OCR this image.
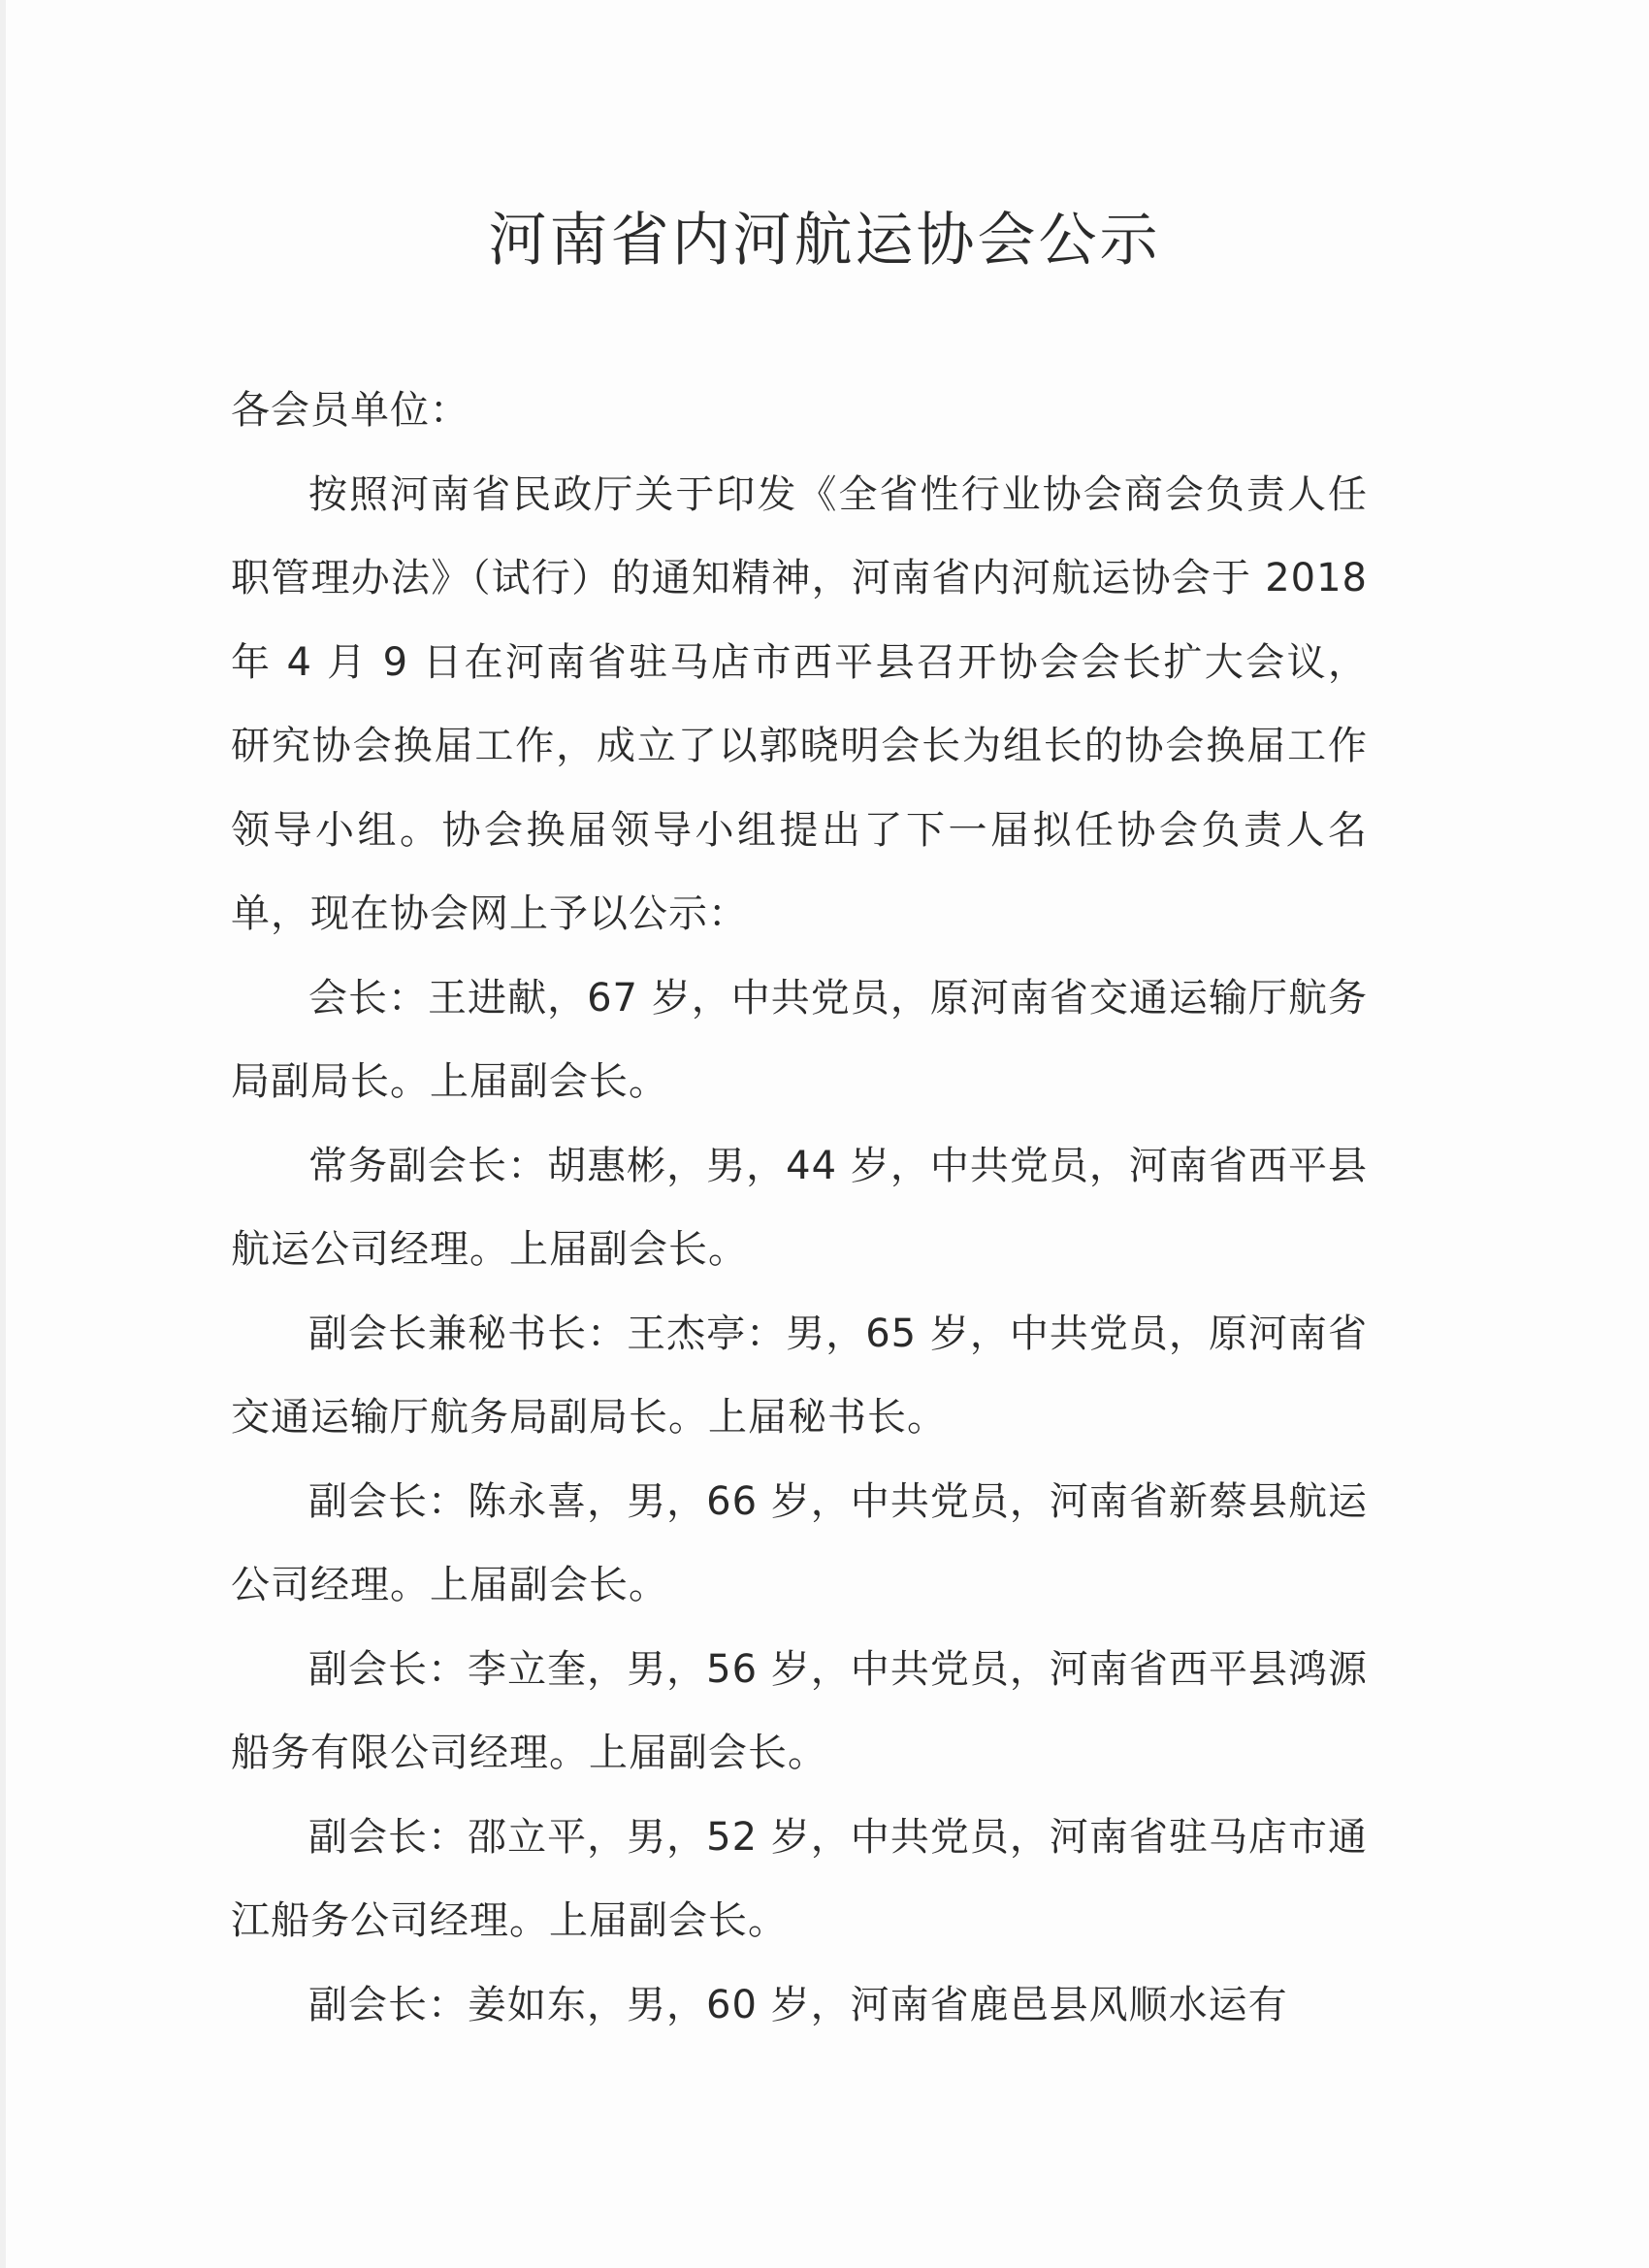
河南省内河航运协会公示

各会员单位：

按照河南省民政厅关于印发《全省性行业协会商会负责人任职管理办法》（试行）的通知精神，河南省内河航运协会于 2018 年 4 月 9 日在河南省驻马店市西平县召开协会会长扩大会议，研究协会换届工作，成立了以郭晓明会长为组长的协会换届工作领导小组。协会换届领导小组提出了下一届拟任协会负责人名单，现在协会网上予以公示：

会长：王进献，67 岁，中共党员，原河南省交通运输厅航务局副局长。上届副会长。

常务副会长：胡惠彬，男，44 岁，中共党员，河南省西平县航运公司经理。上届副会长。

副会长兼秘书长：王杰亭：男，65 岁，中共党员，原河南省交通运输厅航务局副局长。上届秘书长。

副会长：陈永喜，男，66 岁，中共党员，河南省新蔡县航运公司经理。上届副会长。

副会长：李立奎，男，56 岁，中共党员，河南省西平县鸿源船务有限公司经理。上届副会长。

副会长：邵立平，男，52 岁，中共党员，河南省驻马店市通江船务公司经理。上届副会长。

副会长：姜如东，男，60 岁，河南省鹿邑县风顺水运有
